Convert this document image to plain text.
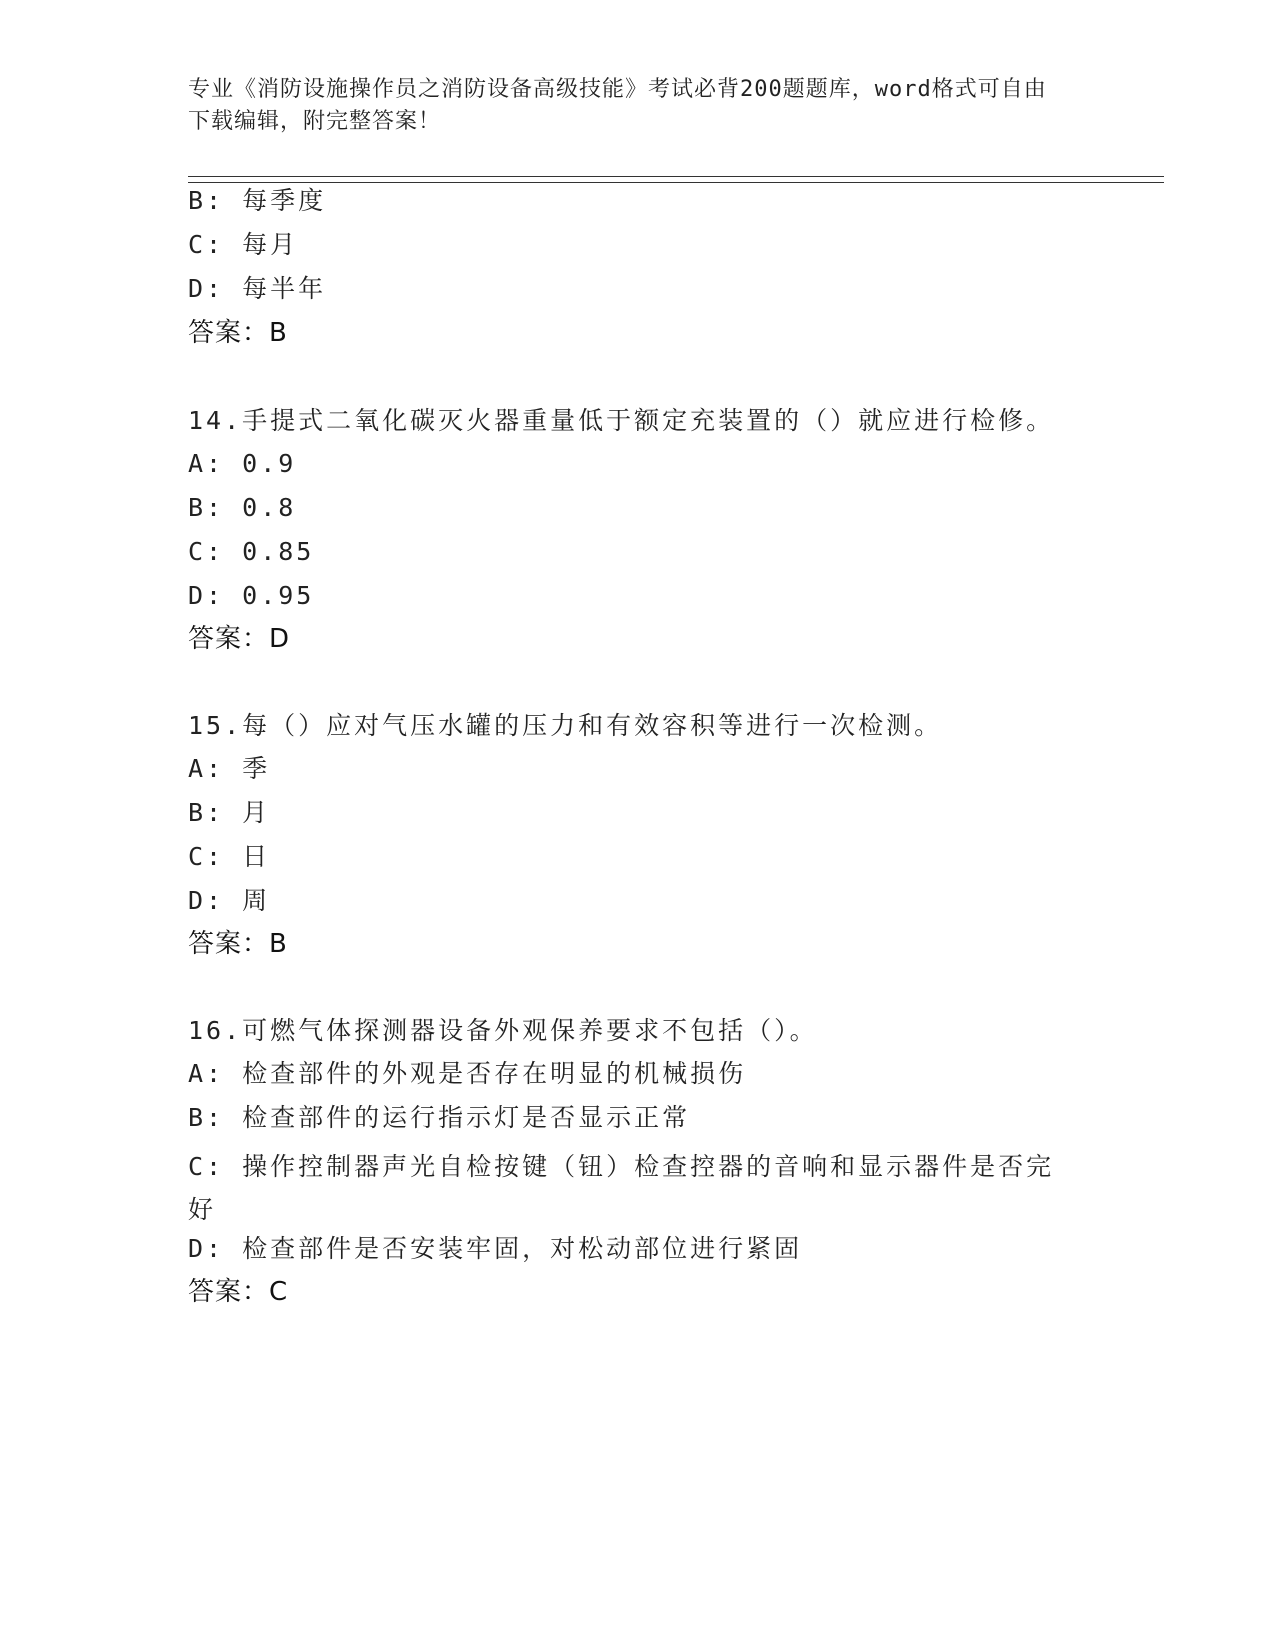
专业《消防设施操作员之消防设备高级技能》考试必背200题题库，word格式可自由下载编辑，附完整答案！
B: 每季度
C: 每月
D: 每半年
答案：B
14.手提式二氧化碳灭火器重量低于额定充装置的（）就应进行检修。
A: 0.9
B: 0.8
C: 0.85
D: 0.95
答案：D
15.每（）应对气压水罐的压力和有效容积等进行一次检测。
A: 季
B: 月
C: 日
D: 周
答案：B
16.可燃气体探测器设备外观保养要求不包括（）。
A: 检查部件的外观是否存在明显的机械损伤
B: 检查部件的运行指示灯是否显示正常
C: 操作控制器声光自检按键（钮）检查控器的音响和显示器件是否完好
D: 检查部件是否安装牢固，对松动部位进行紧固
答案：C
